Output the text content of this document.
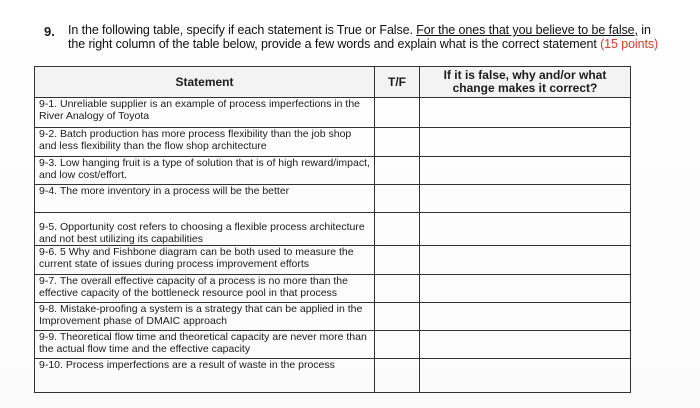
9. In the following table, specify if each statement is True or False. For the ones that you believe to be false, in the right column of the table below, provide a few words and explain what is the correct statement (15 points)
Statement	T/F	If it is false, why and/or what change makes it correct?
9-1. Unreliable supplier is an example of process imperfections in the River Analogy of Toyota		
9-2. Batch production has more process flexibility than the job shop and less flexibility than the flow shop architecture		
9-3. Low hanging fruit is a type of solution that is of high reward/impact, and low cost/effort.		
9-4. The more inventory in a process will be the better		
9-5. Opportunity cost refers to choosing a flexible process architecture and not best utilizing its capabilities		
9-6. 5 Why and Fishbone diagram can be both used to measure the current state of issues during process improvement efforts		
9-7. The overall effective capacity of a process is no more than the effective capacity of the bottleneck resource pool in that process		
9-8. Mistake-proofing a system is a strategy that can be applied in the Improvement phase of DMAIC approach		
9-9. Theoretical flow time and theoretical capacity are never more than the actual flow time and the effective capacity		
9-10. Process imperfections are a result of waste in the process		
